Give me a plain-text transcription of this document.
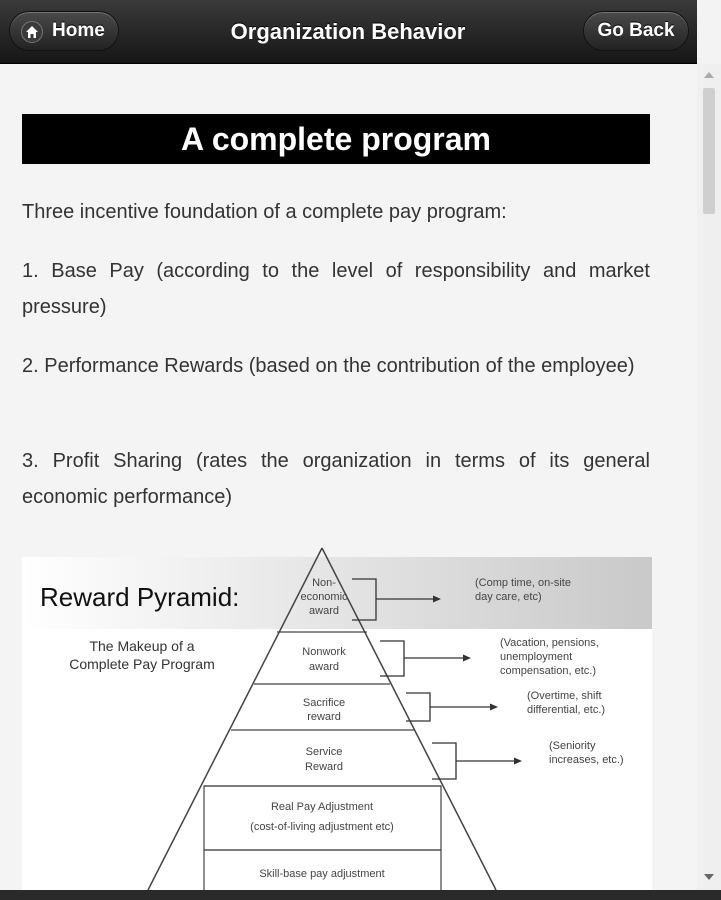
Home	Organization Behavior	Go Back
A complete program

Three incentive foundation of a complete pay program:

1. Base Pay (according to the level of responsibility and market pressure)

2. Performance Rewards (based on the contribution of the employee)

3. Profit Sharing (rates the organization in terms of its general economic performance)

Reward Pyramid:
The Makeup of a
Complete Pay Program
Non-
economic
award
Nonwork
award
Sacrifice
reward
Service
Reward
Real Pay Adjustment
(cost-of-living adjustment etc)
Skill-base pay adjustment
(Comp time, on-site
day care, etc)
(Vacation, pensions,
unemployment
compensation, etc.)
(Overtime, shift
differential, etc.)
(Seniority
increases, etc.)
